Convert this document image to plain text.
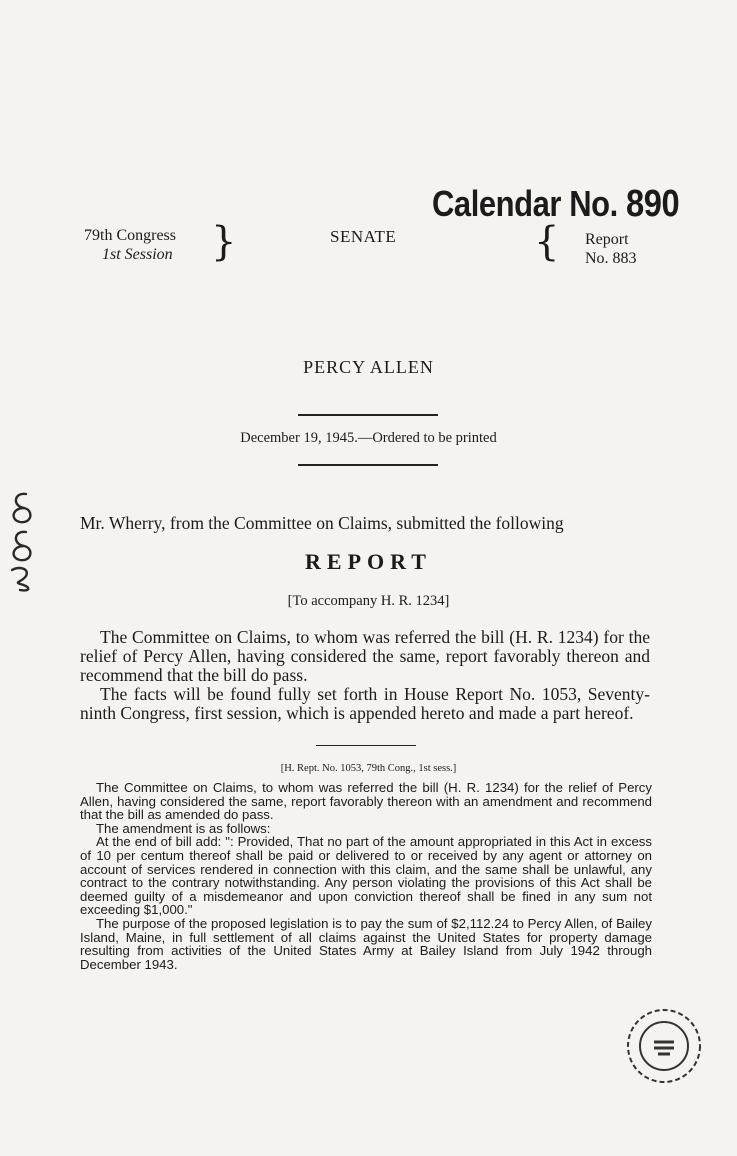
Calendar No. 890
79th Congress
1st Session }	SENATE	{ Report
No. 883
PERCY ALLEN
December 19, 1945.—Ordered to be printed
Mr. Wherry, from the Committee on Claims, submitted the following
REPORT
[To accompany H. R. 1234]

The Committee on Claims, to whom was referred the bill (H. R. 1234) for the relief of Percy Allen, having considered the same, report favorably thereon and recommend that the bill do pass.

The facts will be found fully set forth in House Report No. 1053, Seventy-ninth Congress, first session, which is appended hereto and made a part hereof.

[H. Rept. No. 1053, 79th Cong., 1st sess.]

The Committee on Claims, to whom was referred the bill (H. R. 1234) for the relief of Percy Allen, having considered the same, report favorably thereon with an amendment and recommend that the bill as amended do pass.

The amendment is as follows:

At the end of bill add: ": Provided, That no part of the amount appropriated in this Act in excess of 10 per centum thereof shall be paid or delivered to or received by any agent or attorney on account of services rendered in connection with this claim, and the same shall be unlawful, any contract to the contrary notwithstanding. Any person violating the provisions of this Act shall be deemed guilty of a misdemeanor and upon conviction thereof shall be fined in any sum not exceeding $1,000."

The purpose of the proposed legislation is to pay the sum of $2,112.24 to Percy Allen, of Bailey Island, Maine, in full settlement of all claims against the United States for property damage resulting from activities of the United States Army at Bailey Island from July 1942 through December 1943.
